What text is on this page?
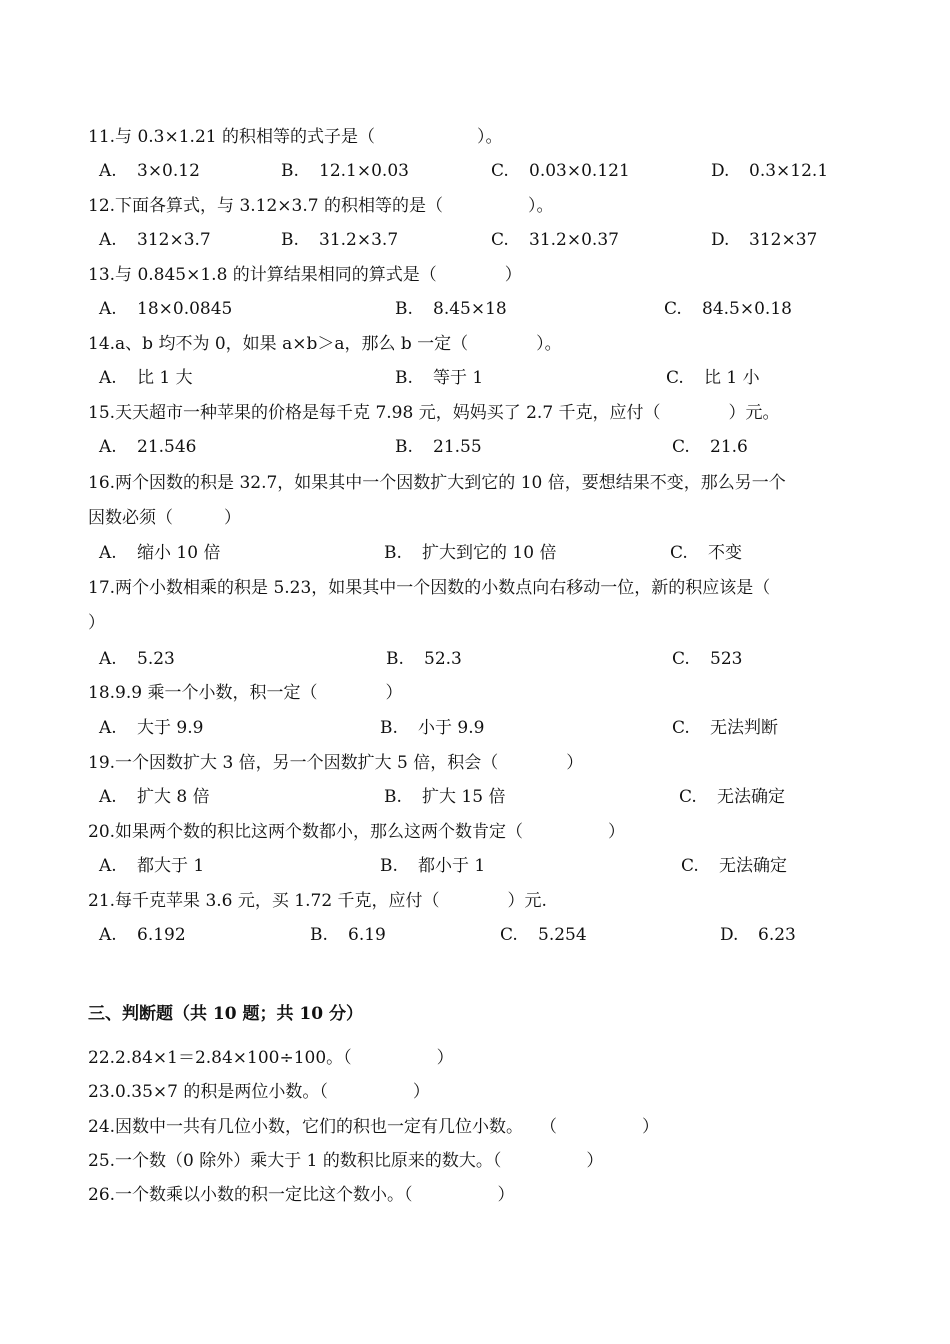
11.与 0.3×1.21 的积相等的式子是（　　　　　　）。
A. 3×0.12	B. 12.1×0.03	C. 0.03×0.121	D. 0.3×12.1
12.下面各算式，与 3.12×3.7 的积相等的是（　　　　　）。
A. 312×3.7	B. 31.2×3.7	C. 31.2×0.37	D. 312×37
13.与 0.845×1.8 的计算结果相同的算式是（　　　　）
A. 18×0.0845	B. 8.45×18	C. 84.5×0.18
14.a、b 均不为 0，如果 a×b＞a，那么 b 一定（　　　　）。
A. 比 1 大	B. 等于 1	C. 比 1 小
15.天天超市一种苹果的价格是每千克 7.98 元，妈妈买了 2.7 千克，应付（　　　　）元。
A. 21.546	B. 21.55	C. 21.6
16.两个因数的积是 32.7，如果其中一个因数扩大到它的 10 倍，要想结果不变，那么另一个
因数必须（　　　）
A. 缩小 10 倍	B. 扩大到它的 10 倍	C. 不变
17.两个小数相乘的积是 5.23，如果其中一个因数的小数点向右移动一位，新的积应该是（
）
A. 5.23	B. 52.3	C. 523
18.9.9 乘一个小数，积一定（　　　　）
A. 大于 9.9	B. 小于 9.9	C. 无法判断
19.一个因数扩大 3 倍，另一个因数扩大 5 倍，积会（　　　　）
A. 扩大 8 倍	B. 扩大 15 倍	C. 无法确定
20.如果两个数的积比这两个数都小，那么这两个数肯定（　　　　　）
A. 都大于 1	B. 都小于 1	C. 无法确定
21.每千克苹果 3.6 元，买 1.72 千克，应付（　　　　）元.
A. 6.192	B. 6.19	C. 5.254	D. 6.23
三、判断题（共 10 题；共 10 分）
22.2.84×1＝2.84×100÷100。（　　　　　）
23.0.35×7 的积是两位小数。（　　　　　）
24.因数中一共有几位小数，它们的积也一定有几位小数。　　（　　　　　）
25.一个数（0 除外）乘大于 1 的数积比原来的数大。（　　　　　）
26.一个数乘以小数的积一定比这个数小。（　　　　　）
